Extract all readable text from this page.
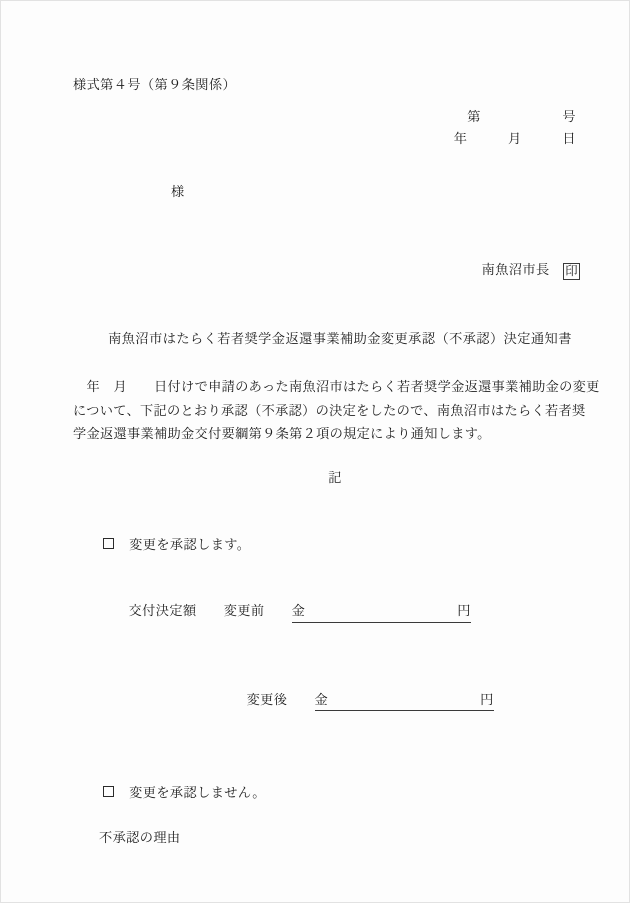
様式第４号（第９条関係）
第　　　　　　号
年　　　月　　　日
様

南魚沼市長　 印

南魚沼市はたらく若者奨学金返還事業補助金変更承認（不承認）決定通知書
　年　月　　日付けで申請のあった南魚沼市はたらく若者奨学金返還事業補助金の変更
について、下記のとおり承認（不承認）の決定をしたので、南魚沼市はたらく若者奨
学金返還事業補助金交付要綱第９条第２項の規定により通知します。
記

　変更を承認します。

交付決定額　　 変更前　　 金	円

変更後　　 金	円

　変更を承認しません。

不承認の理由
